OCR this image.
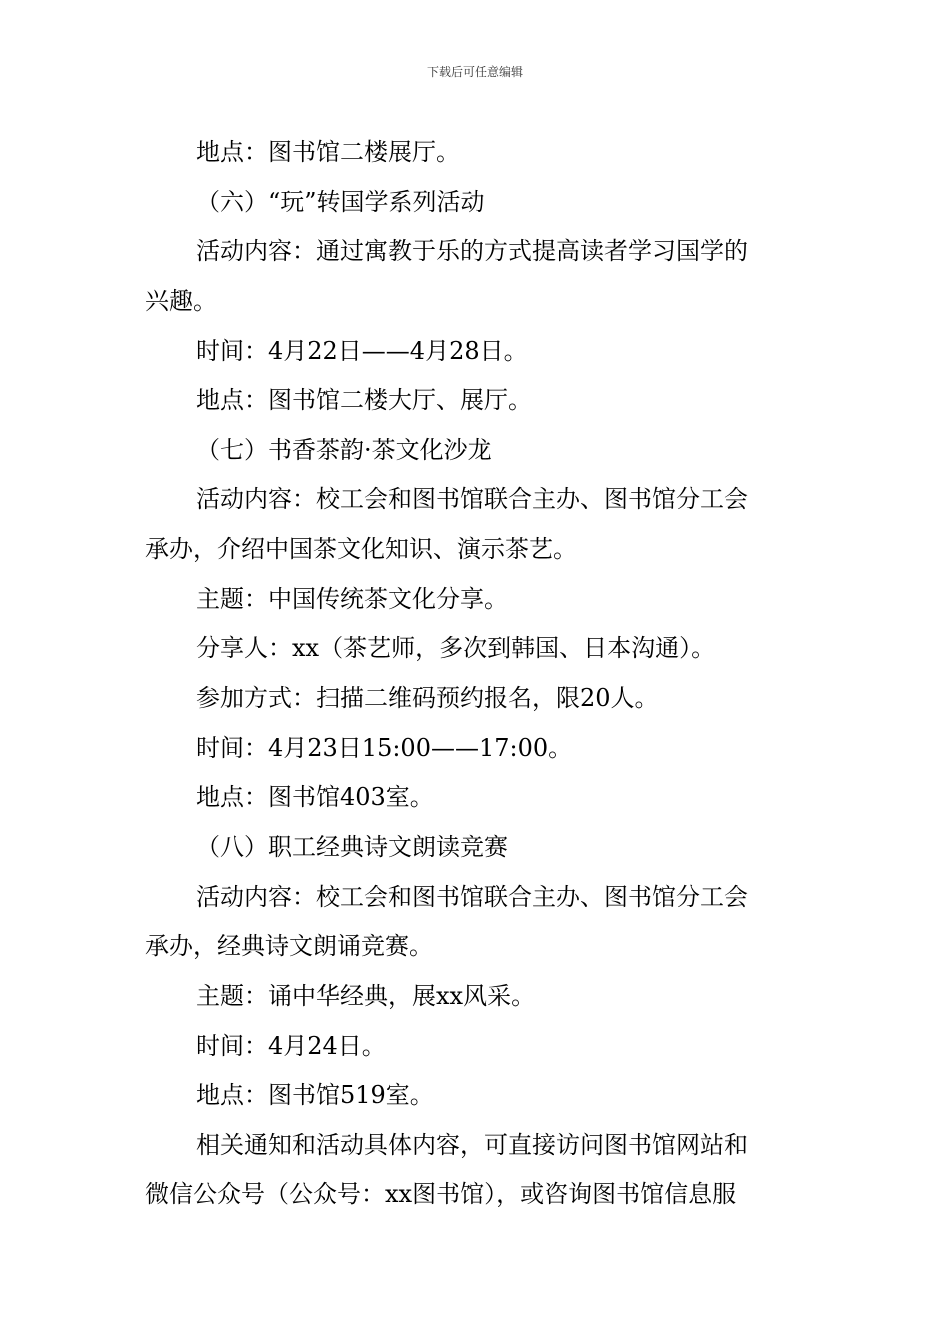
下载后可任意编辑
地点：图书馆二楼展厅。
（六）“玩”转国学系列活动
活动内容：通过寓教于乐的方式提高读者学习国学的
兴趣。
时间：4月22日——4月28日。
地点：图书馆二楼大厅、展厅。
（七）书香茶韵·茶文化沙龙
活动内容：校工会和图书馆联合主办、图书馆分工会
承办，介绍中国茶文化知识、演示茶艺。
主题：中国传统茶文化分享。
分享人：xx（茶艺师，多次到韩国、日本沟通）。
参加方式：扫描二维码预约报名，限20人。
时间：4月23日15:00——17:00。
地点：图书馆403室。
（八）职工经典诗文朗读竞赛
活动内容：校工会和图书馆联合主办、图书馆分工会
承办，经典诗文朗诵竞赛。
主题：诵中华经典，展xx风采。
时间：4月24日。
地点：图书馆519室。
相关通知和活动具体内容，可直接访问图书馆网站和
微信公众号（公众号：xx图书馆），或咨询图书馆信息服
